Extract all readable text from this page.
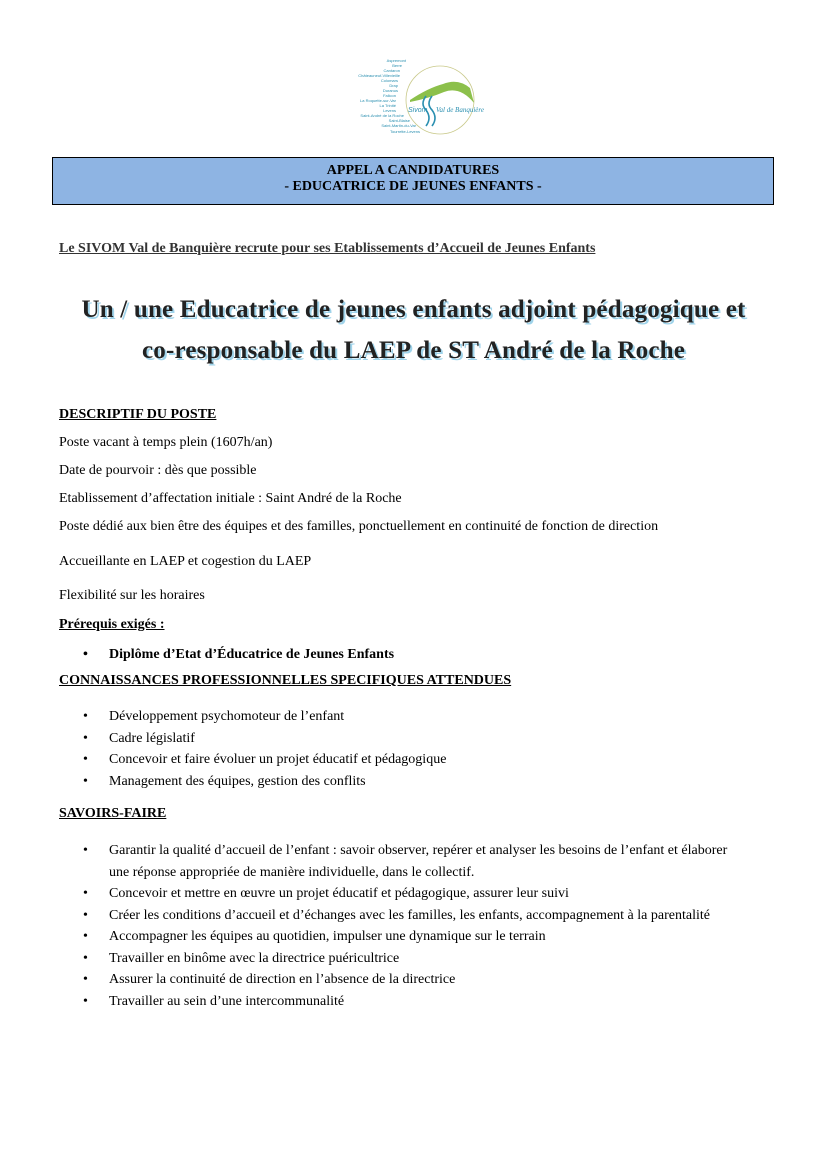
Aspremont
Berre
Cantaron
Châteauneuf-Villevieille
Colomars
Drap
Duranus
Falicon
La Roquette-sur-Var
La Trinité
Levens
Saint-André de la Roche
Saint-Blaise
Saint-Martin-du-Var
Tourrette-Levens
Sivom Val de Banquière
APPEL A CANDIDATURES
- EDUCATRICE DE JEUNES ENFANTS -
Le SIVOM Val de Banquière recrute pour ses Etablissements d’Accueil de Jeunes Enfants
Un / une Educatrice de jeunes enfants adjoint pédagogique et
co-responsable du LAEP de ST André de la Roche
DESCRIPTIF DU POSTE
Poste vacant à temps plein (1607h/an)
Date de pourvoir : dès que possible
Etablissement d’affectation initiale : Saint André de la Roche
Poste dédié aux bien être des équipes et des familles, ponctuellement en continuité de fonction de direction
Accueillante en LAEP et cogestion du LAEP
Flexibilité sur les horaires
Prérequis exigés :
• Diplôme d’Etat d’Éducatrice de Jeunes Enfants
CONNAISSANCES PROFESSIONNELLES SPECIFIQUES ATTENDUES
• Développement psychomoteur de l’enfant
• Cadre législatif
• Concevoir et faire évoluer un projet éducatif et pédagogique
• Management des équipes, gestion des conflits
SAVOIRS-FAIRE
• Garantir la qualité d’accueil de l’enfant : savoir observer, repérer et analyser les besoins de l’enfant et élaborer une réponse appropriée de manière individuelle, dans le collectif.
• Concevoir et mettre en œuvre un projet éducatif et pédagogique, assurer leur suivi
• Créer les conditions d’accueil et d’échanges avec les familles, les enfants, accompagnement à la parentalité
• Accompagner les équipes au quotidien, impulser une dynamique sur le terrain
• Travailler en binôme avec la directrice puéricultrice
• Assurer la continuité de direction en l’absence de la directrice
• Travailler au sein d’une intercommunalité
